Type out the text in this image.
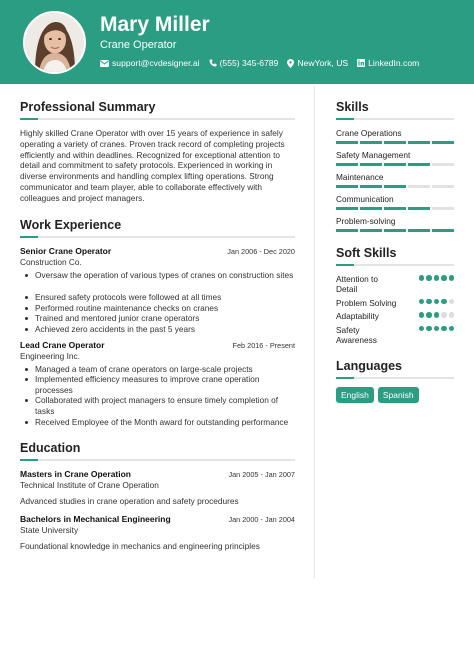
Mary Miller
Crane Operator
support@cvdesigner.ai (555) 345-6789 NewYork, US LinkedIn.com
Professional Summary
Highly skilled Crane Operator with over 15 years of experience in safely
operating a variety of cranes. Proven track record of completing projects
efficiently and within deadlines. Recognized for exceptional attention to
detail and commitment to safety protocols. Experienced in working in
diverse environments and handling complex lifting operations. Strong
communicator and team player, able to collaborate effectively with
colleagues and project managers.
Work Experience
Senior Crane Operator	Jan 2006 - Dec 2020
Construction Co.
Oversaw the operation of various types of cranes on construction sites
Ensured safety protocols were followed at all times
Performed routine maintenance checks on cranes
Trained and mentored junior crane operators
Achieved zero accidents in the past 5 years
Lead Crane Operator	Feb 2016 - Present
Engineering Inc.
Managed a team of crane operators on large-scale projects
Implemented efficiency measures to improve crane operation
processes
Collaborated with project managers to ensure timely completion of
tasks
Received Employee of the Month award for outstanding performance
Education
Masters in Crane Operation	Jan 2005 - Jan 2007
Technical Institute of Crane Operation
Advanced studies in crane operation and safety procedures
Bachelors in Mechanical Engineering	Jan 2000 - Jan 2004
State University
Foundational knowledge in mechanics and engineering principles
Skills
Crane Operations
Safety Management
Maintenance
Communication
Problem-solving
Soft Skills
Attention to
Detail
Problem Solving
Adaptability
Safety
Awareness
Languages
English	Spanish
